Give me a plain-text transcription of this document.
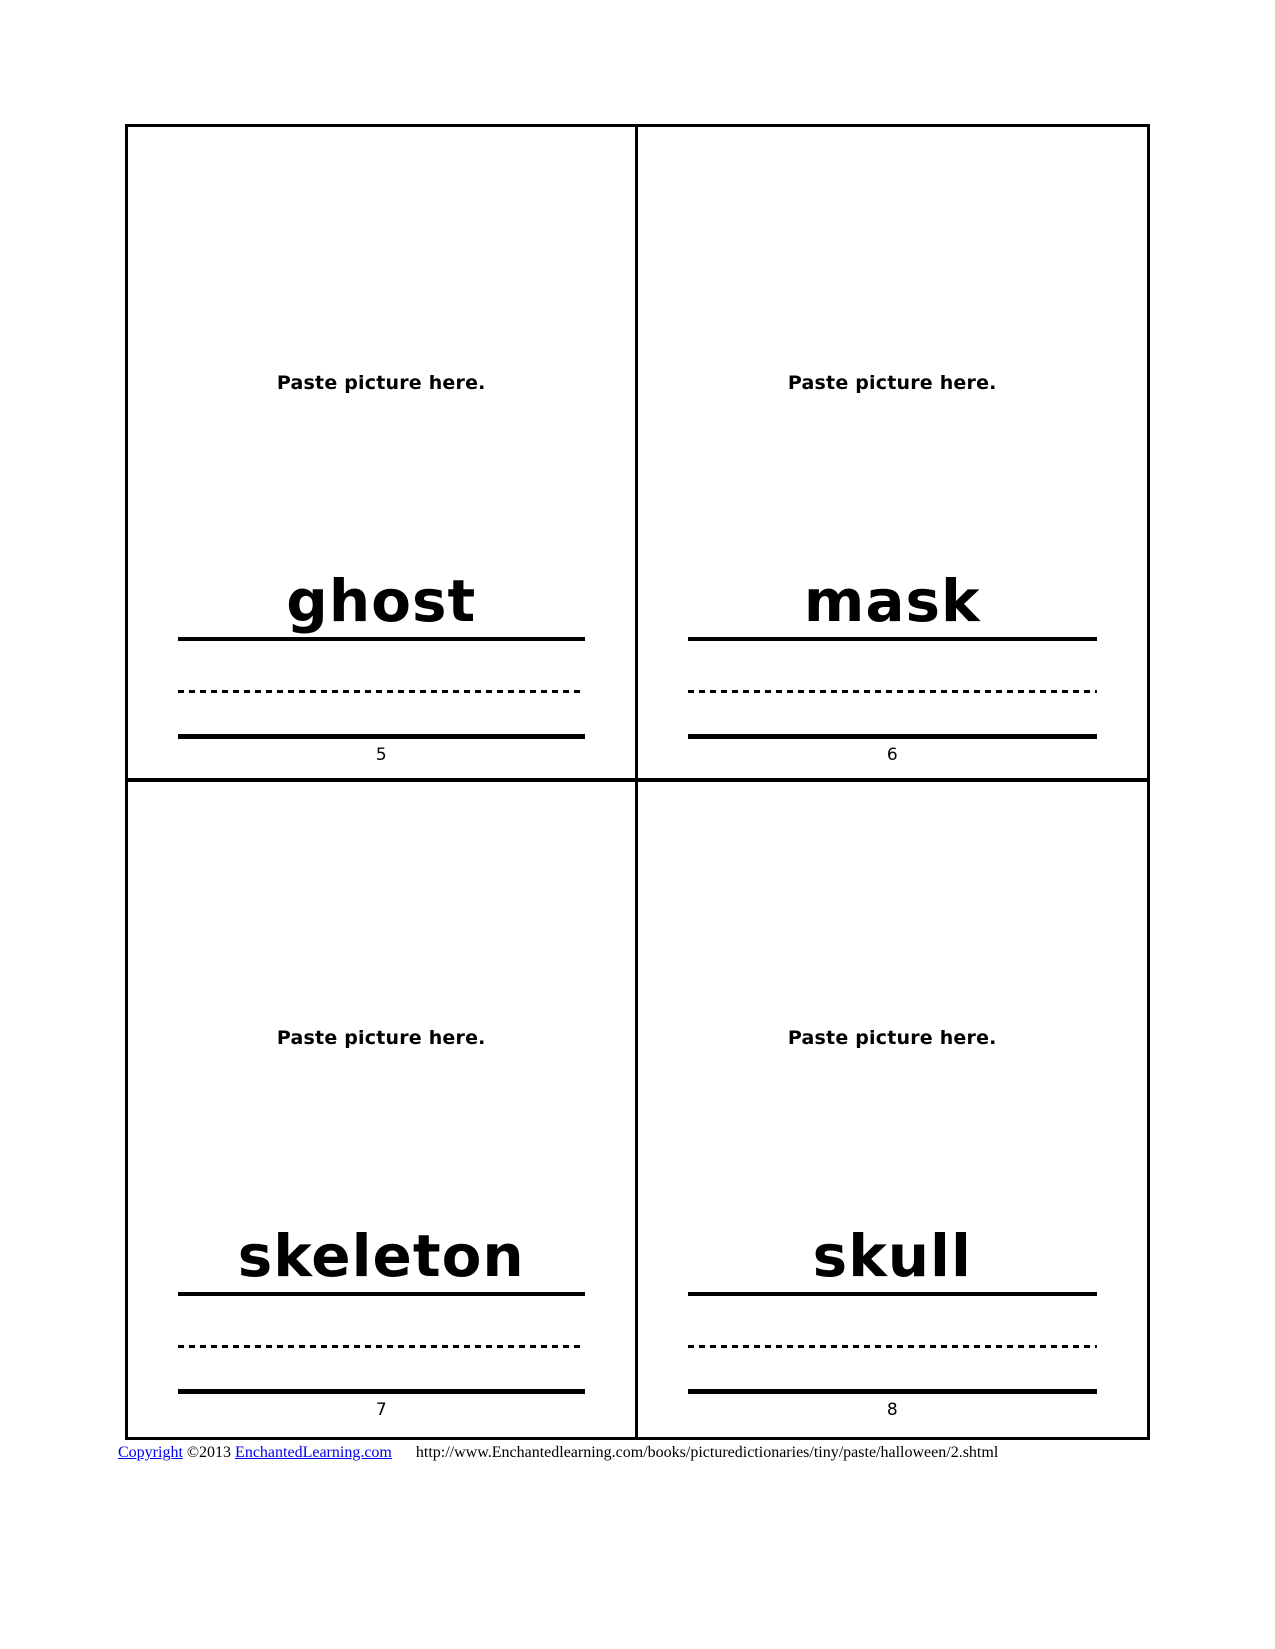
Paste picture here.
ghost
5
Paste picture here.
mask
6
Paste picture here.
skeleton
7
Paste picture here.
skull
8
Copyright ©2013 EnchantedLearning.com http://www.Enchantedlearning.com/books/picturedictionaries/tiny/paste/halloween/2.shtml
